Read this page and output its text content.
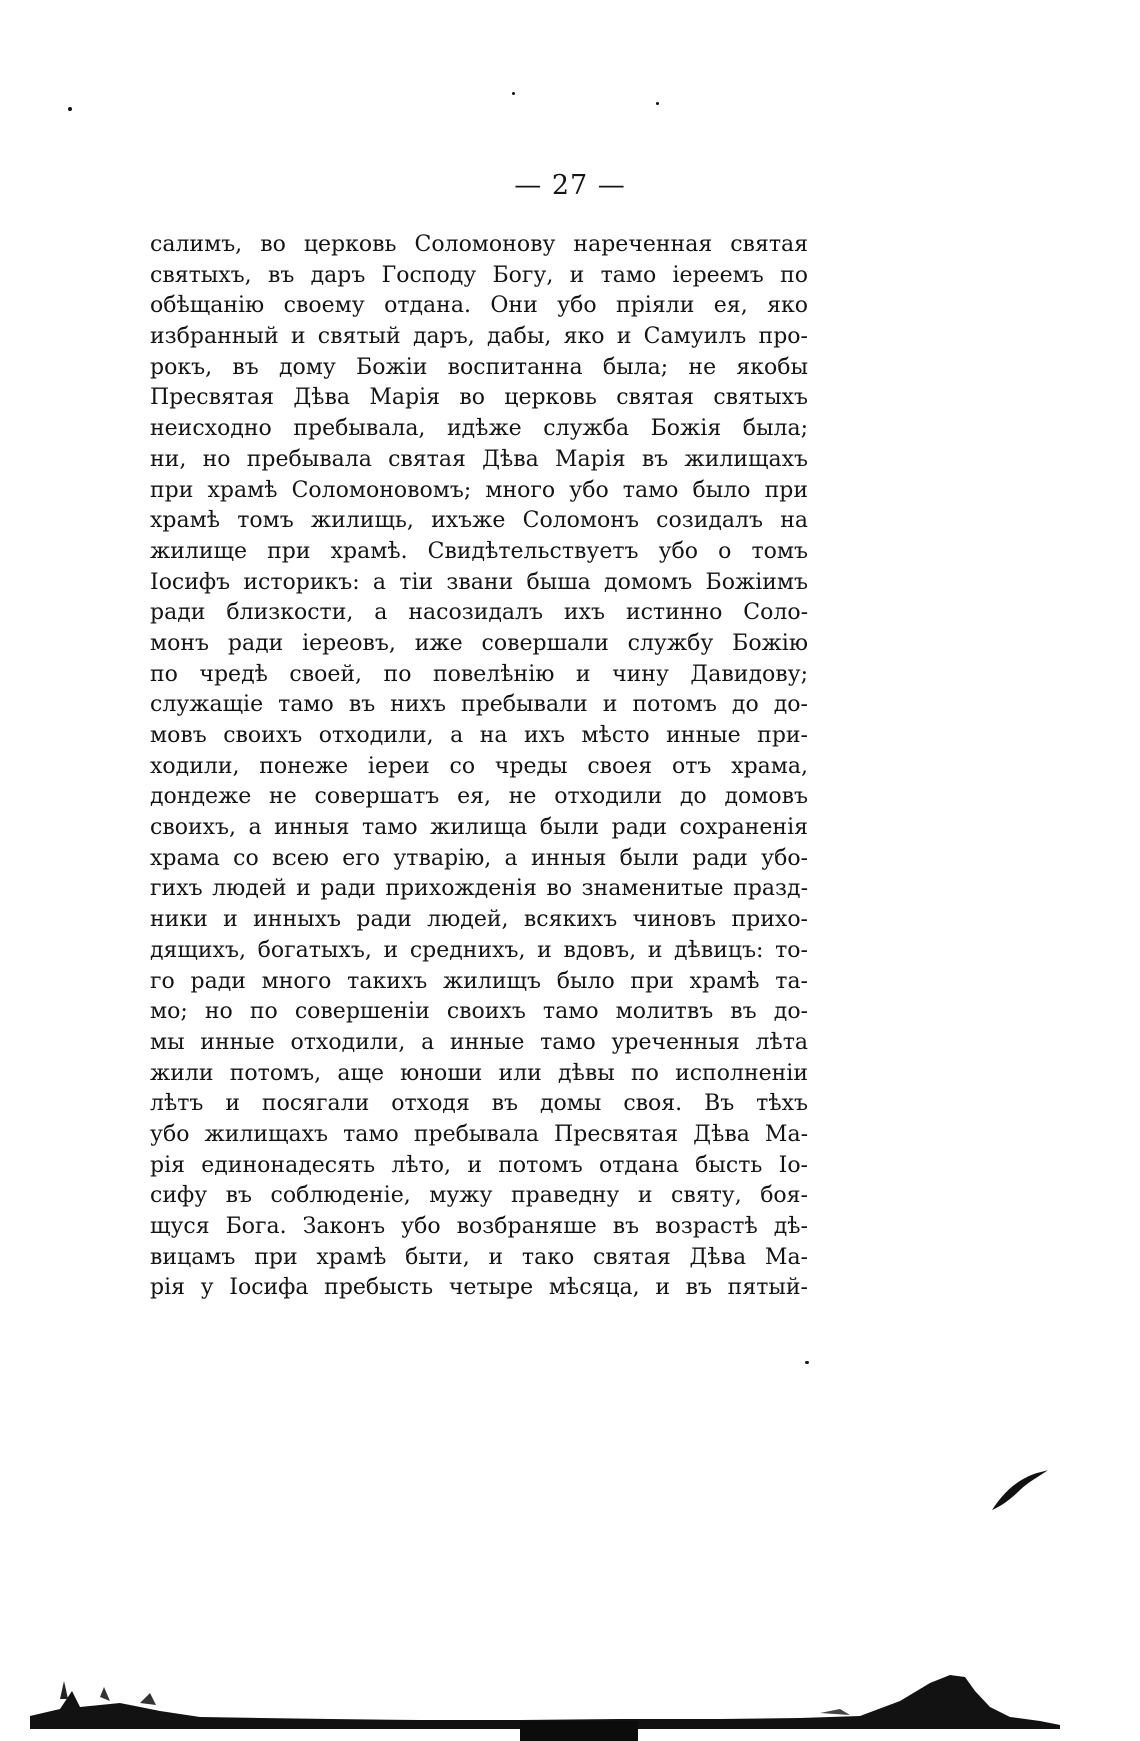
— 27 —
салимъ, во церковь Соломонову нареченная святая
святыхъ, въ даръ Господу Богу, и тамо iереемъ по
обѣщанiю своему отдана. Они убо прiяли ея, яко
избранный и святый даръ, дабы, яко и Самуилъ про-
рокъ, въ дому Божiи воспитанна была; не якобы
Пресвятая Дѣва Марiя во церковь святая святыхъ
неисходно пребывала, идѣже служба Божiя была;
ни, но пребывала святая Дѣва Марiя въ жилищахъ
при храмѣ Соломоновомъ; много убо тамо было при
храмѣ томъ жилищь, ихъже Соломонъ созидалъ на
жилище при храмѣ. Свидѣтельствуетъ убо о томъ
Iосифъ историкъ: а тiи звани быша домомъ Божiимъ
ради близкости, а насозидалъ ихъ истинно Соло-
монъ ради iереовъ, иже совершали службу Божiю
по чредѣ своей, по повелѣнiю и чину Давидову;
служащiе тамо въ нихъ пребывали и потомъ до до-
мовъ своихъ отходили, а на ихъ мѣсто инные при-
ходили, понеже iереи со чреды своея отъ храма,
дондеже не совершатъ ея, не отходили до домовъ
своихъ, а инныя тамо жилища были ради сохраненiя
храма со всею его утварiю, а инныя были ради убо-
гихъ людей и ради прихожденiя во знаменитые празд-
ники и инныхъ ради людей, всякихъ чиновъ прихо-
дящихъ, богатыхъ, и среднихъ, и вдовъ, и дѣвицъ: то-
го ради много такихъ жилищъ было при храмѣ та-
мо; но по совершенiи своихъ тамо молитвъ въ до-
мы инные отходили, а инные тамо уреченныя лѣта
жили потомъ, аще юноши или дѣвы по исполненiи
лѣтъ и посягали отходя въ домы своя. Въ тѣхъ
убо жилищахъ тамо пребывала Пресвятая Дѣва Ма-
рiя единонадесять лѣто, и потомъ отдана бысть Iо-
сифу въ соблюденiе, мужу праведну и святу, боя-
щуся Бога. Законъ убо возбраняше въ возрастѣ дѣ-
вицамъ при храмѣ быти, и тако святая Дѣва Ма-
рiя у Iосифа пребысть четыре мѣсяца, и въ пятый-
